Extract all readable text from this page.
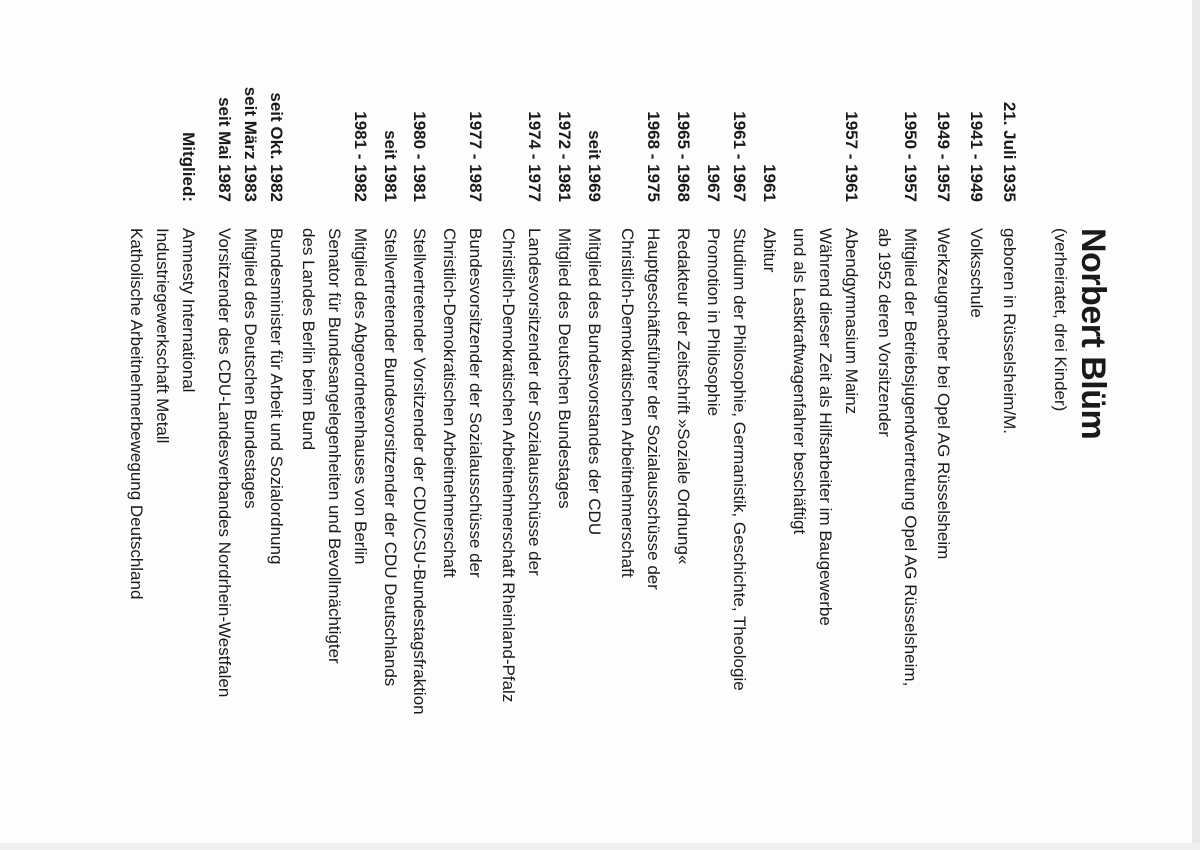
Norbert Blüm
(verheiratet, drei Kinder)
21. Juli 1935
geboren in Rüsselsheim/M.
1941 - 1949
Volksschule
1949 - 1957
Werkzeugmacher bei Opel AG Rüsselsheim
1950 - 1957
Mitglied der Betriebsjugendvertretung Opel AG Rüsselsheim,
ab 1952 deren Vorsitzender
1957 - 1961
Abendgymnasium Mainz
Während dieser Zeit als Hilfsarbeiter im Baugewerbe
und als Lastkraftwagenfahrer beschäftigt
1961
Abitur
1961 - 1967
Studium der Philosophie, Germanistik, Geschichte, Theologie
1967
Promotion in Philosophie
1965 - 1968
Redakteur der Zeitschrift »Soziale Ordnung«
1968 - 1975
Hauptgeschäftsführer der Sozialausschüsse der
Christlich-Demokratischen Arbeitnehmerschaft
seit 1969
Mitglied des Bundesvorstandes der CDU
1972 - 1981
Mitglied des Deutschen Bundestages
1974 - 1977
Landesvorsitzender der Sozialausschüsse der
Christlich-Demokratischen Arbeitnehmerschaft Rheinland-Pfalz
1977 - 1987
Bundesvorsitzender der Sozialausschüsse der
Christlich-Demokratischen Arbeitnehmerschaft
1980 - 1981
Stellvertretender Vorsitzender der CDU/CSU-Bundestagsfraktion
seit 1981
Stellvertretender Bundesvorsitzender der CDU Deutschlands
1981 - 1982
Mitglied des Abgeordnetenhauses von Berlin
Senator für Bundesangelegenheiten und Bevollmächtigter
des Landes Berlin beim Bund
seit Okt. 1982
Bundesminister für Arbeit und Sozialordnung
seit März 1983
Mitglied des Deutschen Bundestages
seit Mai 1987
Vorsitzender des CDU-Landesverbandes Nordrhein-Westfalen
Mitglied:
Amnesty International
Industriegewerkschaft Metall
Katholische Arbeitnehmerbewegung Deutschland
